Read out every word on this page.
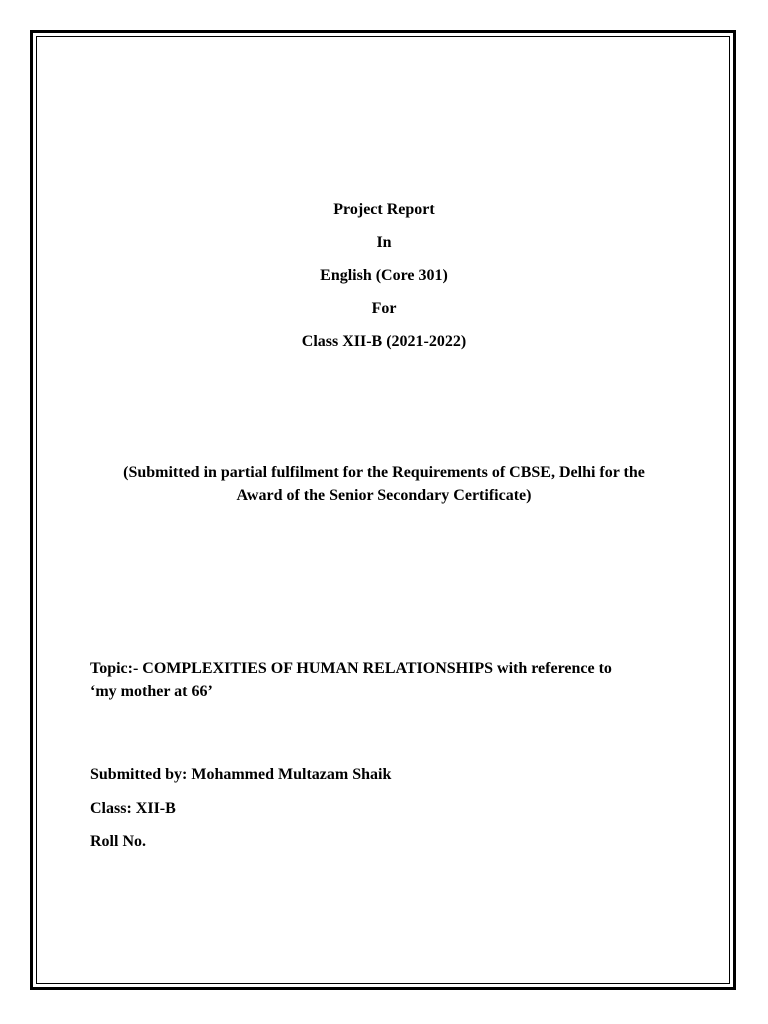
Project Report
In
English (Core 301)
For
Class XII-B (2021-2022)
(Submitted in partial fulfilment for the Requirements of CBSE, Delhi for the
Award of the Senior Secondary Certificate)
Topic:- COMPLEXITIES OF HUMAN RELATIONSHIPS with reference to
‘my mother at 66’
Submitted by: Mohammed Multazam Shaik
Class: XII-B
Roll No.
